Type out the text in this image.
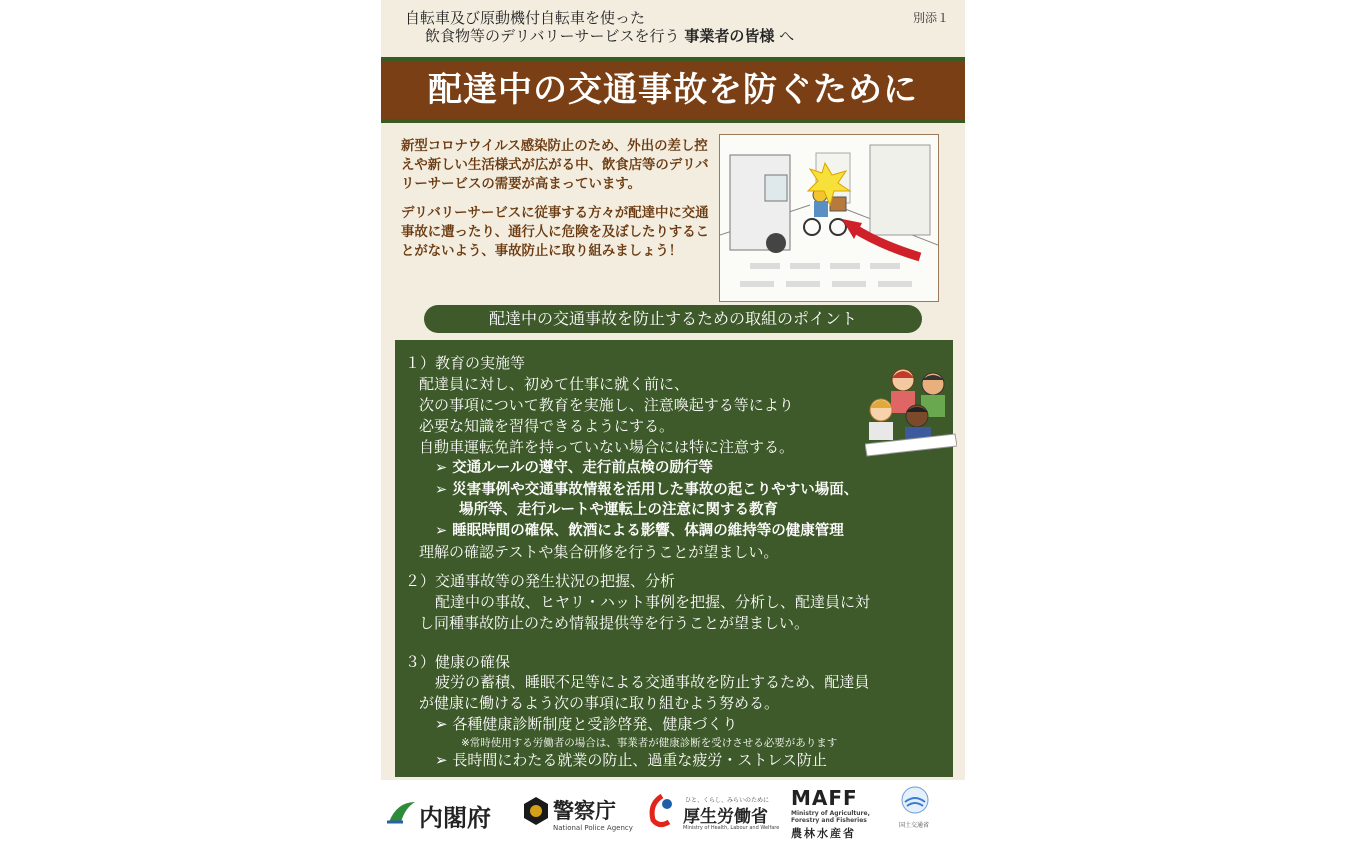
自転車及び原動機付自転車を使った
飲食物等のデリバリーサービスを行う 事業者の皆様 へ
別添１
配達中の交通事故を防ぐために

新型コロナウイルス感染防止のため、外出の差し控えや新しい生活様式が広がる中、飲食店等のデリバリーサービスの需要が高まっています。

デリバリーサービスに従事する方々が配達中に交通事故に遭ったり、通行人に危険を及ぼしたりすることがないよう、事故防止に取り組みましょう！

配達中の交通事故を防止するための取組のポイント
１）教育の実施等
配達員に対し、初めて仕事に就く前に、
次の事項について教育を実施し、注意喚起する等により
必要な知識を習得できるようにする。
自動車運転免許を持っていない場合には特に注意する。
➢ 交通ルールの遵守、走行前点検の励行等
➢ 災害事例や交通事故情報を活用した事故の起こりやすい場面、
場所等、走行ルートや運転上の注意に関する教育
➢ 睡眠時間の確保、飲酒による影響、体調の維持等の健康管理
理解の確認テストや集合研修を行うことが望ましい。
２）交通事故等の発生状況の把握、分析
配達中の事故、ヒヤリ・ハット事例を把握、分析し、配達員に対
し同種事故防止のため情報提供等を行うことが望ましい。
３）健康の確保
疲労の蓄積、睡眠不足等による交通事故を防止するため、配達員
が健康に働けるよう次の事項に取り組むよう努める。
➢ 各種健康診断制度と受診啓発、健康づくり
※常時使用する労働者の場合は、事業者が健康診断を受けさせる必要があります
➢ 長時間にわたる就業の防止、過重な疲労・ストレス防止
内閣府	警察庁
National Police Agency
ひと、くらし、みらいのために
厚生労働省
Ministry of Health, Labour and Welfare
MAFF
Ministry of Agriculture,
Forestry and Fisheries
農林水産省
国土交通省
